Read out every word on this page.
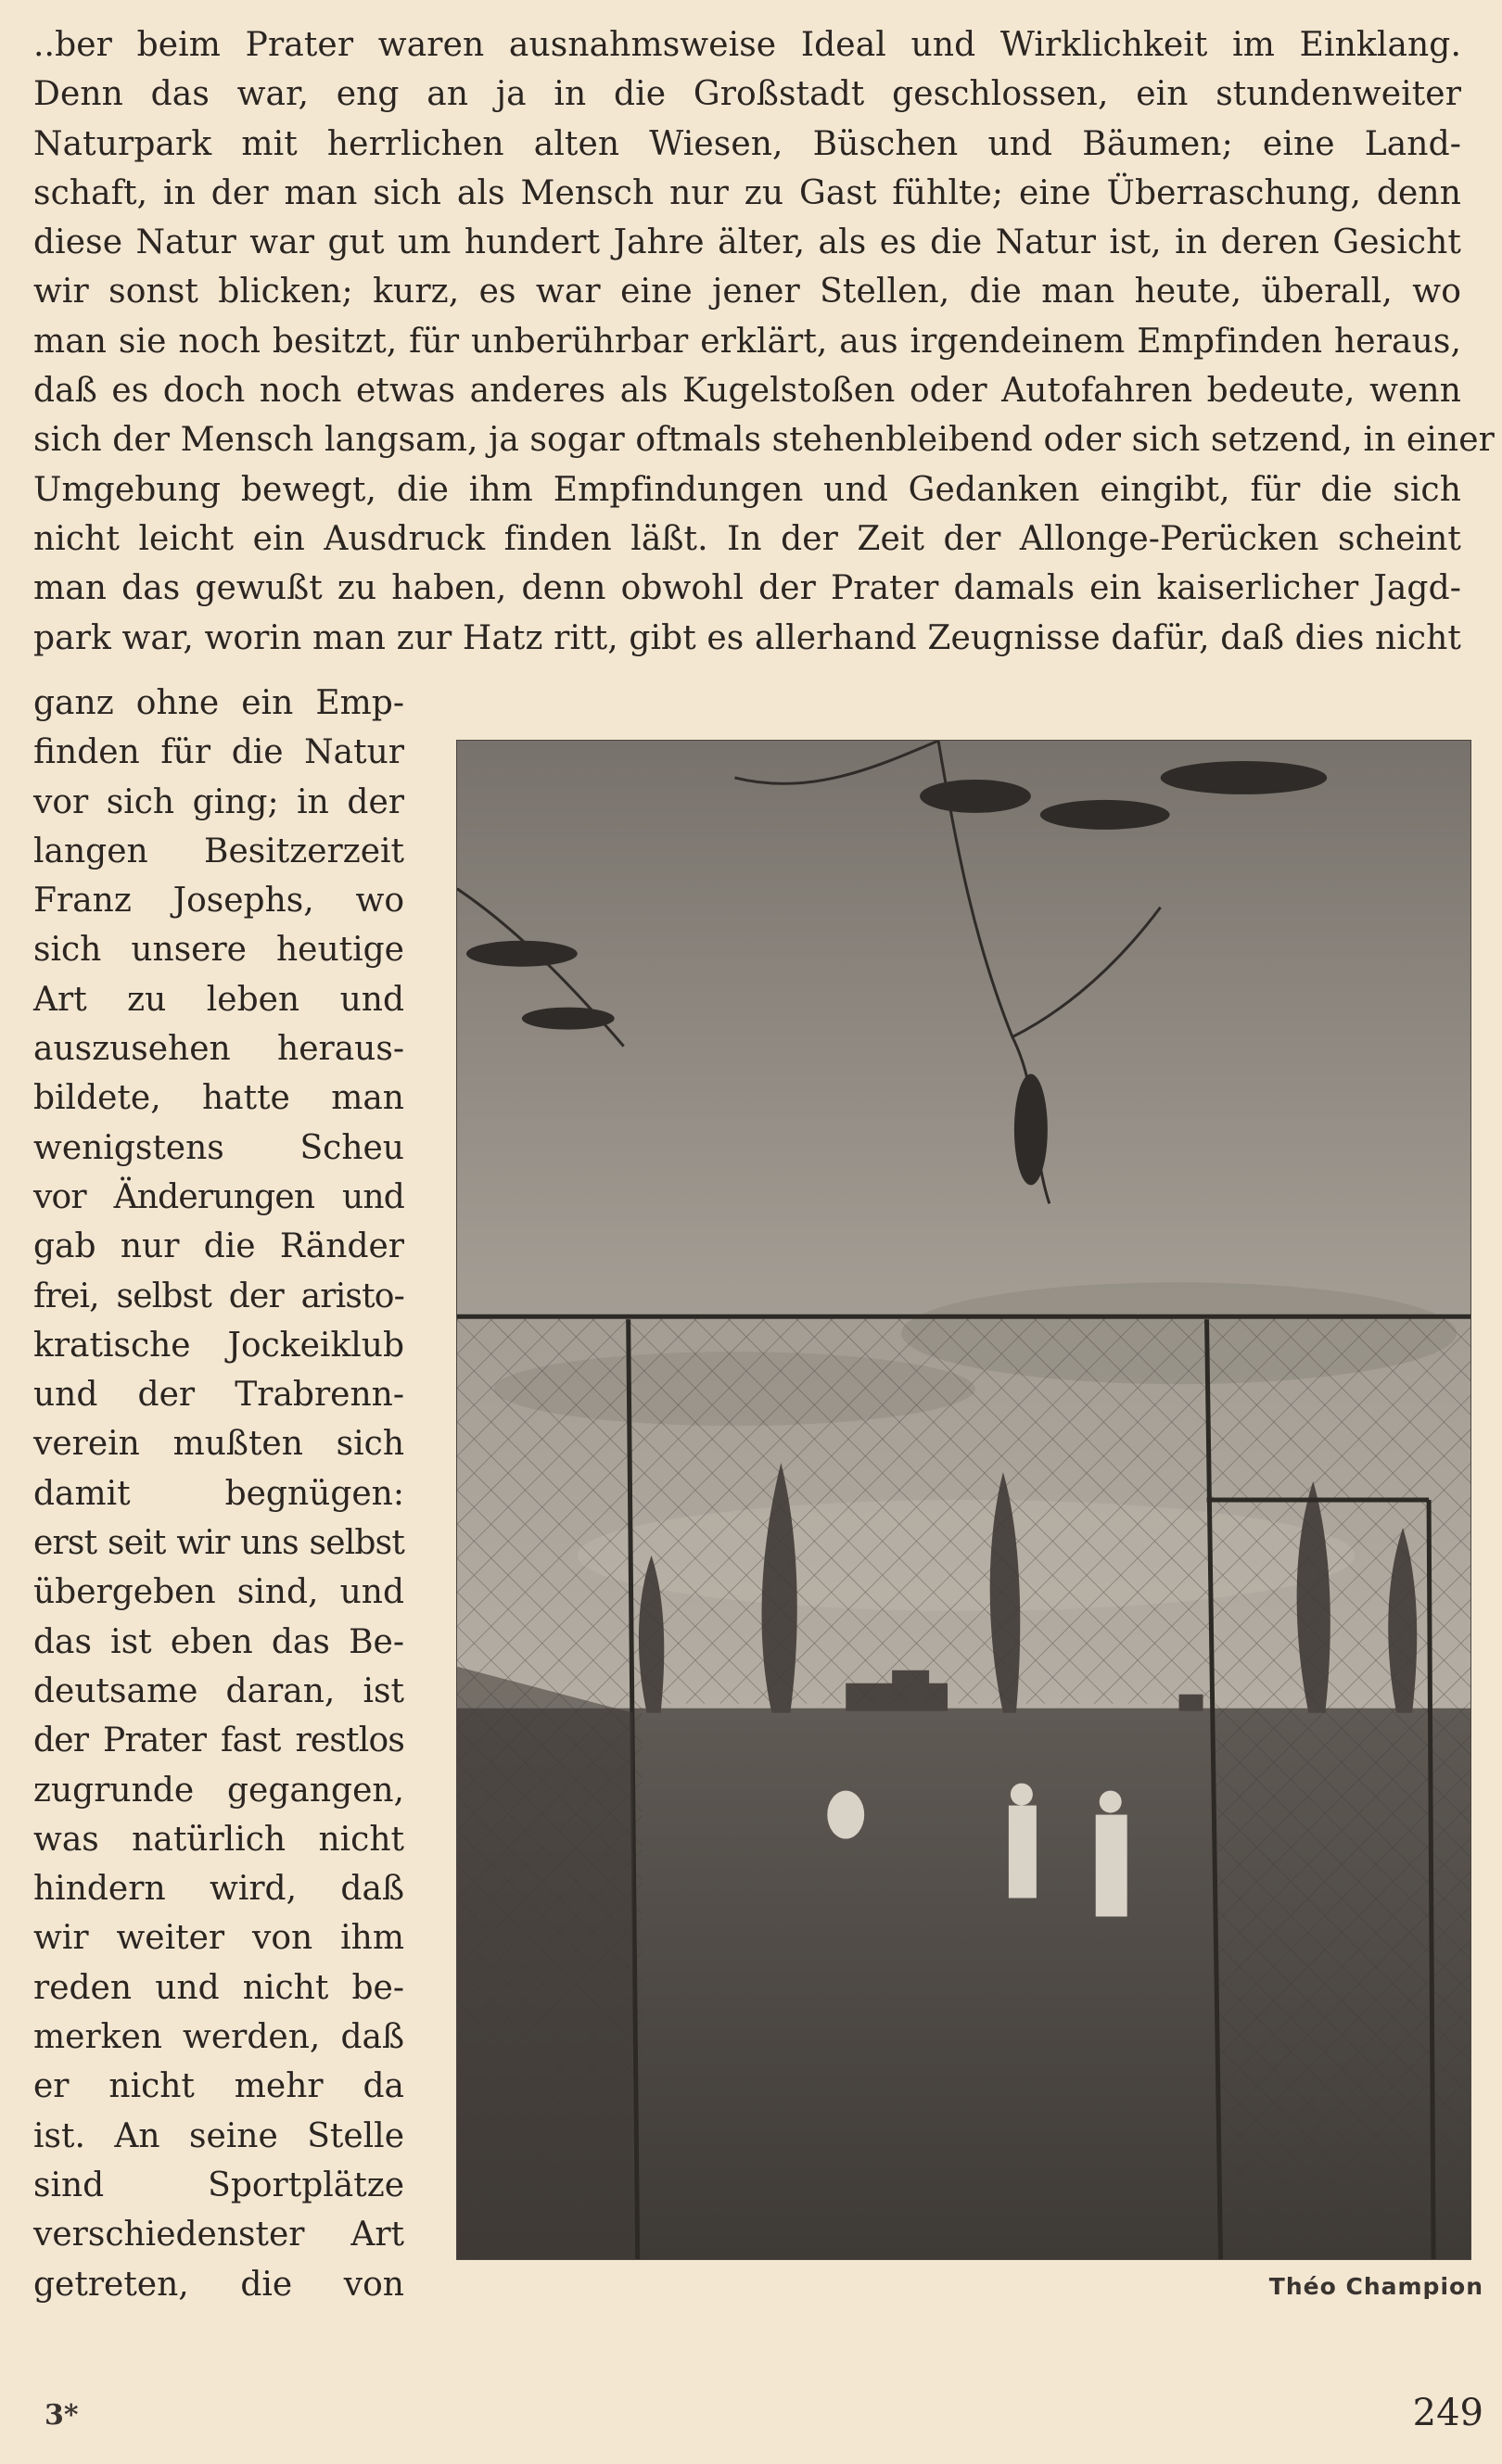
..ber beim Prater waren ausnahmsweise Ideal und Wirklichkeit im Einklang.
Denn das war, eng an ja in die Großstadt geschlossen, ein stundenweiter
Naturpark mit herrlichen alten Wiesen, Büschen und Bäumen; eine Land-
schaft, in der man sich als Mensch nur zu Gast fühlte; eine Überraschung, denn
diese Natur war gut um hundert Jahre älter, als es die Natur ist, in deren Gesicht
wir sonst blicken; kurz, es war eine jener Stellen, die man heute, überall, wo
man sie noch besitzt, für unberührbar erklärt, aus irgendeinem Empfinden heraus,
daß es doch noch etwas anderes als Kugelstoßen oder Autofahren bedeute, wenn
sich der Mensch langsam, ja sogar oftmals stehenbleibend oder sich setzend, in einer
Umgebung bewegt, die ihm Empfindungen und Gedanken eingibt, für die sich
nicht leicht ein Ausdruck finden läßt. In der Zeit der Allonge-Perücken scheint
man das gewußt zu haben, denn obwohl der Prater damals ein kaiserlicher Jagd-
park war, worin man zur Hatz ritt, gibt es allerhand Zeugnisse dafür, daß dies nicht
ganz ohne ein Emp-
finden für die Natur
vor sich ging; in der
langen Besitzerzeit
Franz Josephs, wo
sich unsere heutige
Art zu leben und
auszusehen heraus-
bildete, hatte man
wenigstens Scheu
vor Änderungen und
gab nur die Ränder
frei, selbst der aristo-
kratische Jockeiklub
und der Trabrenn-
verein mußten sich
damit begnügen:
erst seit wir uns selbst
übergeben sind, und
das ist eben das Be-
deutsame daran, ist
der Prater fast restlos
zugrunde gegangen,
was natürlich nicht
hindern wird, daß
wir weiter von ihm
reden und nicht be-
merken werden, daß
er nicht mehr da
ist. An seine Stelle
sind Sportplätze
verschiedenster Art
getreten, die von	Théo Champion
3*	249
